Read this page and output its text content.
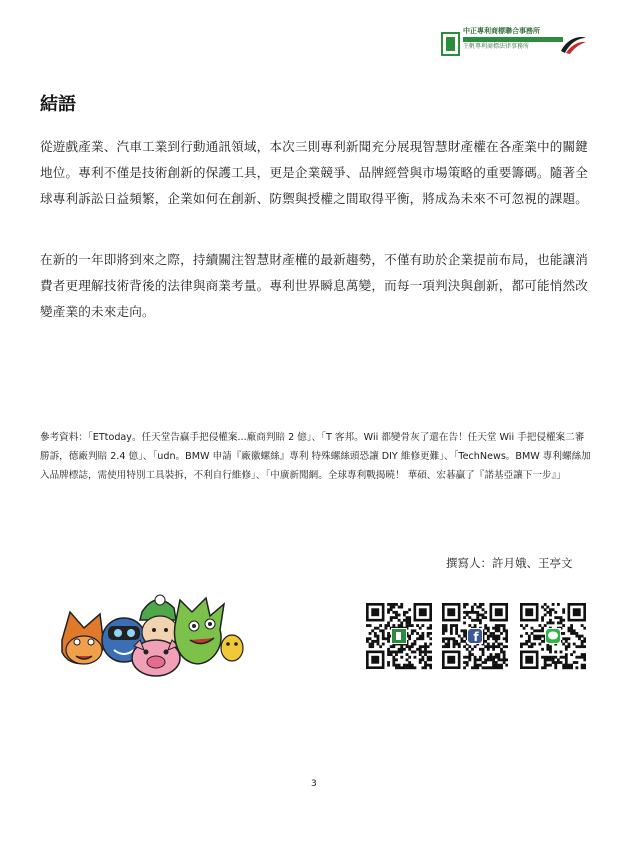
中正專利商標聯合事務所
王帆專利商標法律事務所
結語

從遊戲產業、汽車工業到行動通訊領域，本次三則專利新聞充分展現智慧財產權在各產業中的關鍵地位。專利不僅是技術創新的保護工具，更是企業競爭、品牌經營與市場策略的重要籌碼。隨著全球專利訴訟日益頻繁，企業如何在創新、防禦與授權之間取得平衡，將成為未來不可忽視的課題。

在新的一年即將到來之際，持續關注智慧財產權的最新趨勢，不僅有助於企業提前布局，也能讓消費者更理解技術背後的法律與商業考量。專利世界瞬息萬變，而每一項判決與創新，都可能悄然改變產業的未來走向。

參考資料：「ETtoday。任天堂告贏手把侵權案...廠商判賠 2 億」、「T 客邦。Wii 都變骨灰了還在告！任天堂 Wii 手把侵權案二審勝訴，德廠判賠 2.4 億」、「udn。BMW 申請『廠徽螺絲』專利 特殊螺絲頭恐讓 DIY 維修更難」、「TechNews。BMW 專利螺絲加入品牌標誌，需使用特別工具裝拆，不利自行維修」、「中廣新聞網。全球專利戰揭曉！ 華碩、宏碁贏了『諾基亞讓下一步』」

撰寫人：許月娥、王亭文
f
3
